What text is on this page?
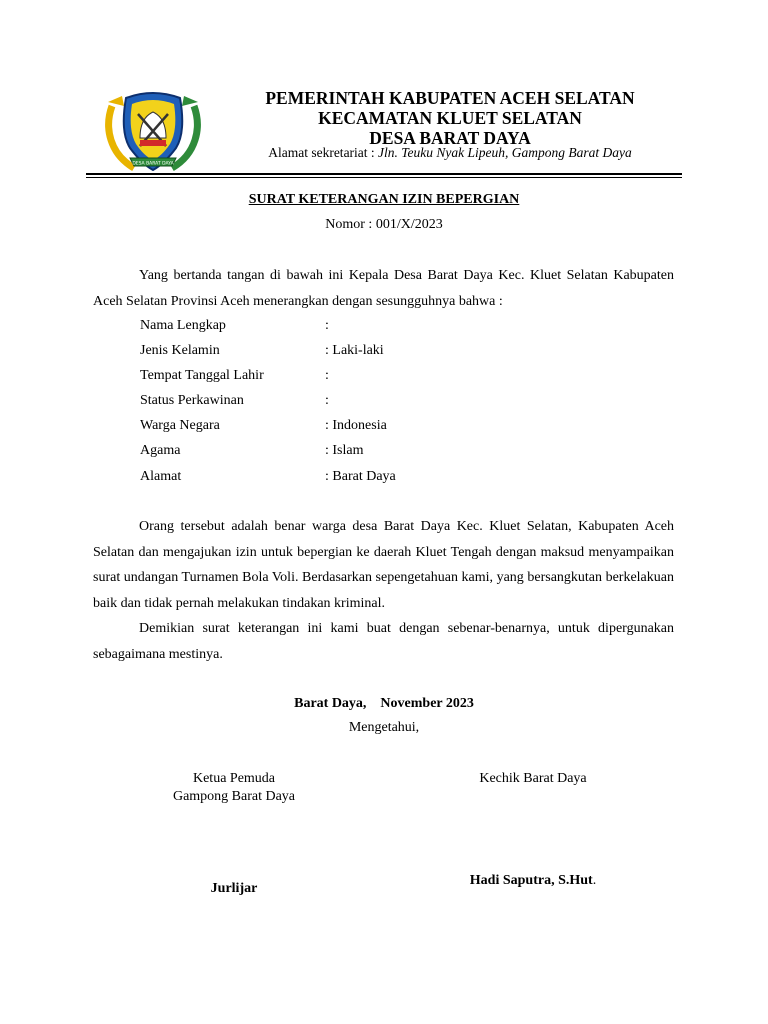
DESA BARAT DAYA
PEMERINTAH KABUPATEN ACEH SELATAN
KECAMATAN KLUET SELATAN
DESA BARAT DAYA
Alamat sekretariat : Jln. Teuku Nyak Lipeuh, Gampong Barat Daya
SURAT KETERANGAN IZIN BEPERGIAN
Nomor : 001/X/2023

Yang bertanda tangan di bawah ini Kepala Desa Barat Daya Kec. Kluet Selatan Kabupaten Aceh Selatan Provinsi Aceh menerangkan dengan sesungguhnya bahwa :

Nama Lengkap	:
Jenis Kelamin	: Laki-laki
Tempat Tanggal Lahir	:
Status Perkawinan	:
Warga Negara	: Indonesia
Agama	: Islam
Alamat	: Barat Daya

Orang tersebut adalah benar warga desa Barat Daya Kec. Kluet Selatan, Kabupaten Aceh Selatan dan mengajukan izin untuk bepergian ke daerah Kluet Tengah dengan maksud menyampaikan surat undangan Turnamen Bola Voli. Berdasarkan sepengetahuan kami, yang bersangkutan berkelakuan baik dan tidak pernah melakukan tindakan kriminal.

Demikian surat keterangan ini kami buat dengan sebenar-benarnya, untuk dipergunakan sebagaimana mestinya.

Barat Daya,    November 2023
Mengetahui,
Ketua Pemuda
Gampong Barat Daya
Jurlijar
Kechik Barat Daya
Hadi Saputra, S.Hut.
